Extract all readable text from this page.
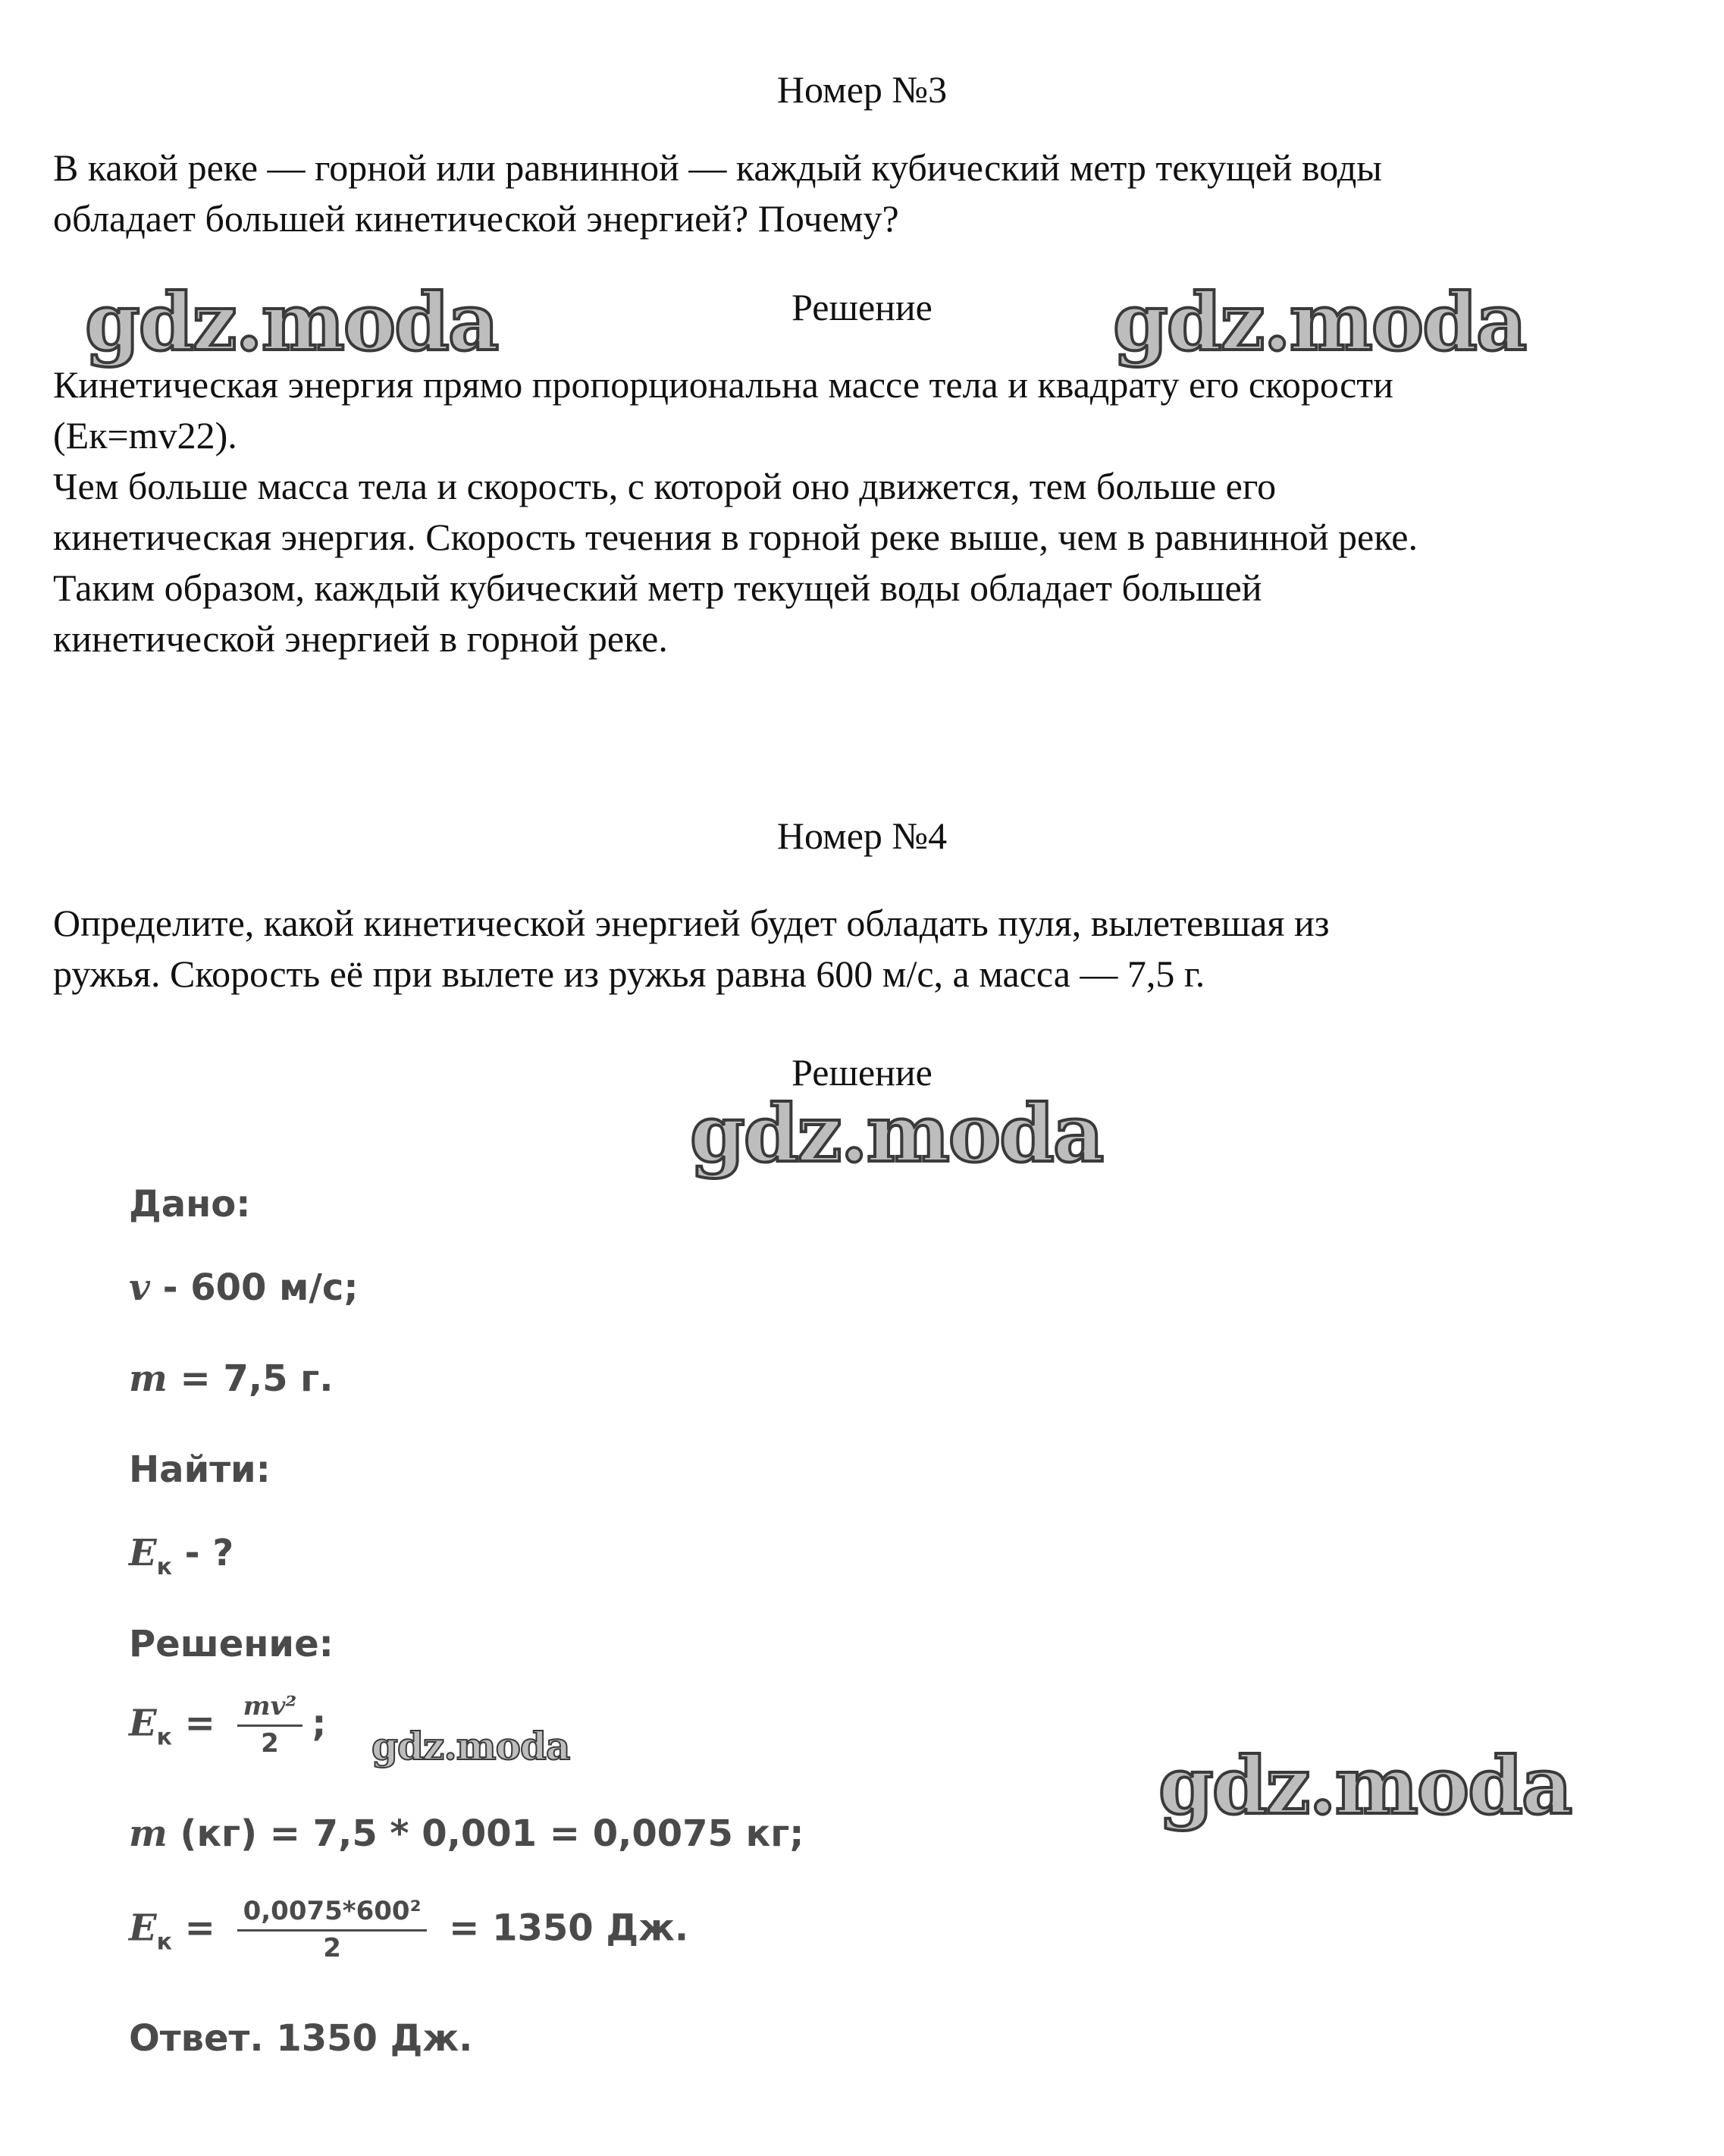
Номер №3

В какой реке — горной или равнинной — каждый кубический метр текущей воды

обладает большей кинетической энергией? Почему?

gdz.moda	Решение	gdz.moda

Кинетическая энергия прямо пропорциональна массе тела и квадрату его скорости

(Ек=mv22).

Чем больше масса тела и скорость, с которой оно движется, тем больше его

кинетическая энергия. Скорость течения в горной реке выше, чем в равнинной реке.

Таким образом, каждый кубический метр текущей воды обладает большей

кинетической энергией в горной реке.

Номер №4

Определите, какой кинетической энергией будет обладать пуля, вылетевшая из

ружья. Скорость её при вылете из ружья равна 600 м/с, а масса — 7,5 г.

Решение
gdz.moda
Дано:
v - 600 м/с;
m = 7,5 г.
Найти:
$E_к$ - ?
Решение:
$E_к = \frac{\text{mv²}}{2}$ ;
gdz.moda
m (кг) = 7,5 * 0,001 = 0,0075 кг;
$E_к = \frac{\text{0,0075*600²}}{2} = 1350$ Дж.
Ответ. 1350 Дж.
gdz.moda
